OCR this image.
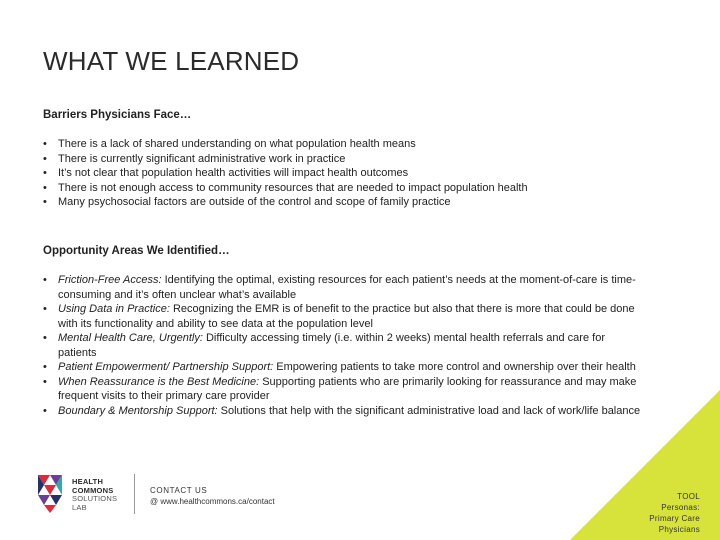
WHAT WE LEARNED
Barriers Physicians Face…
• There is a lack of shared understanding on what population health means
• There is currently significant administrative work in practice
• It’s not clear that population health activities will impact health outcomes
• There is not enough access to community resources that are needed to impact population health
• Many psychosocial factors are outside of the control and scope of family practice
Opportunity Areas We Identified…
• Friction-Free Access: Identifying the optimal, existing resources for each patient’s needs at the moment-of-care is time-consuming and it’s often unclear what’s available
• Using Data in Practice: Recognizing the EMR is of benefit to the practice but also that there is more that could be done with its functionality and ability to see data at the population level
• Mental Health Care, Urgently: Difficulty accessing timely (i.e. within 2 weeks) mental health referrals and care for patients
• Patient Empowerment/ Partnership Support: Empowering patients to take more control and ownership over their health
• When Reassurance is the Best Medicine: Supporting patients who are primarily looking for reassurance and may make frequent visits to their primary care provider
• Boundary & Mentorship Support: Solutions that help with the significant administrative load and lack of work/life balance
HEALTH
COMMONS
SOLUTIONS
LAB
CONTACT US
@ www.healthcommons.ca/contact
TOOL
Personas:
Primary Care
Physicians
